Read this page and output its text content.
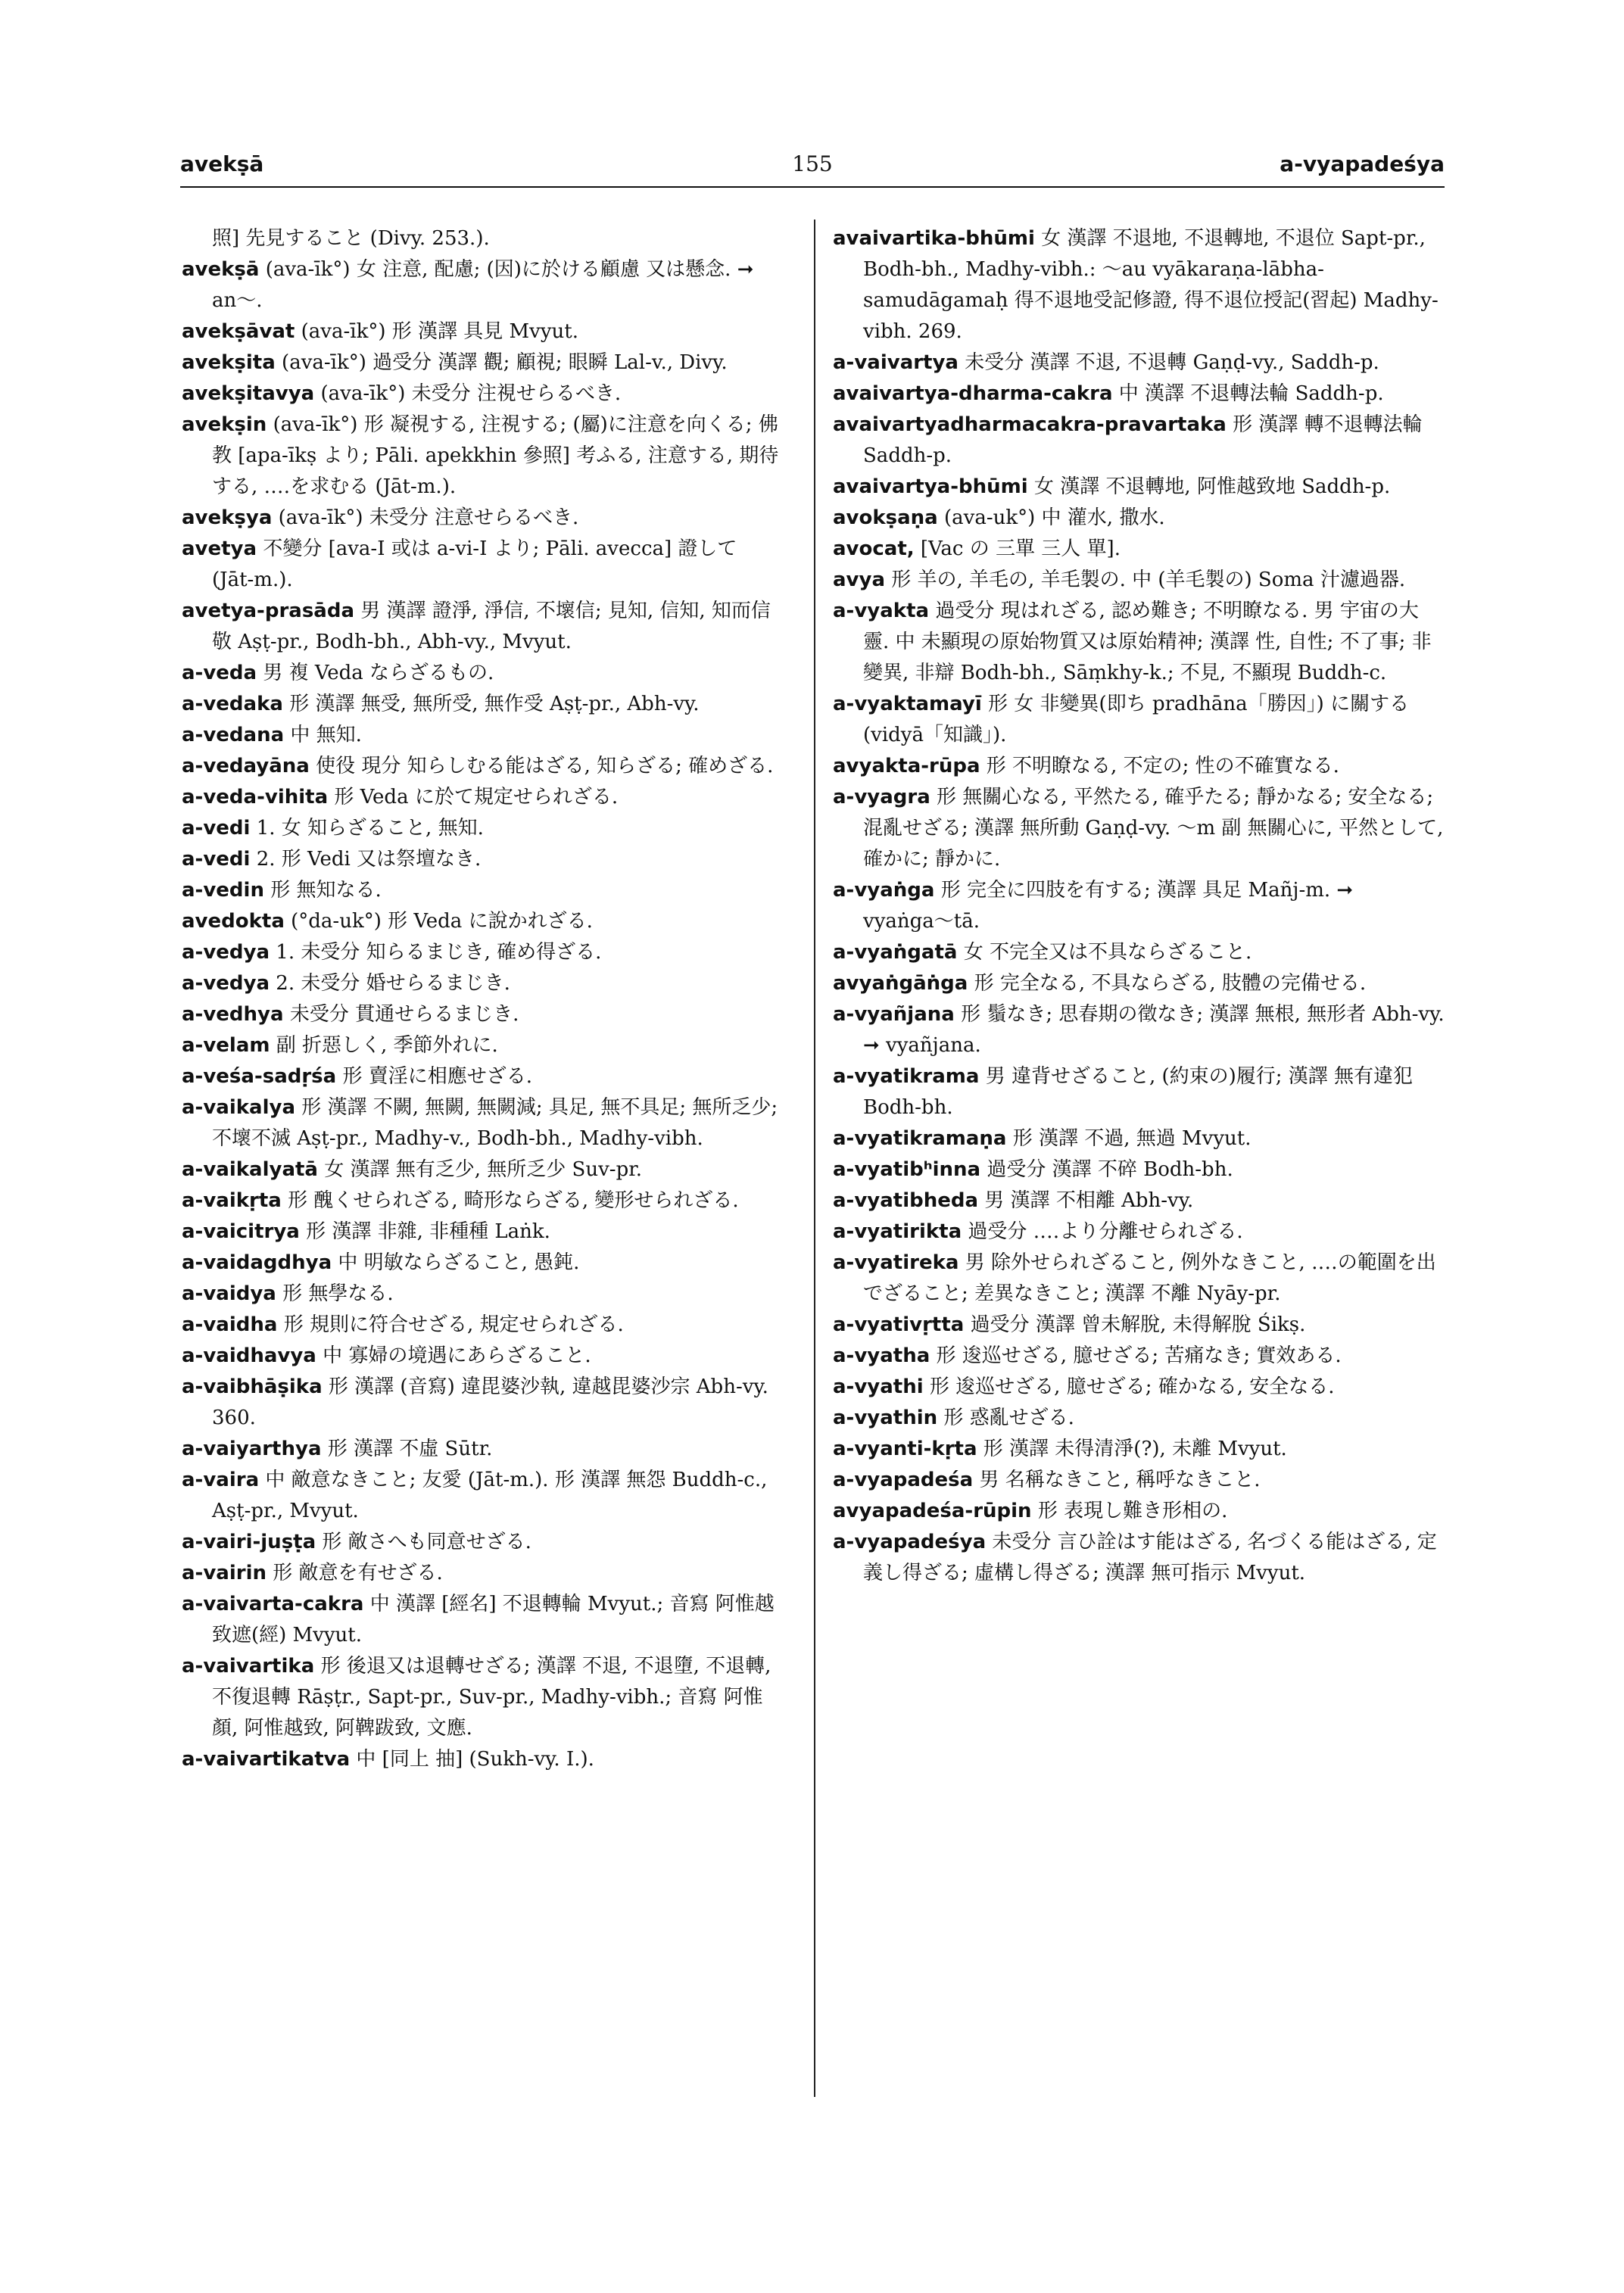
avekṣā	155	a-vyapadeśya

照] 先見すること (Divy. 253.).

avekṣā (ava-īk°) 女 注意, 配慮; (因)に於ける顧慮 又は懸念. ➞ an〜.

avekṣāvat (ava-īk°) 形 漢譯 具見 Mvyut.

avekṣita (ava-īk°) 過受分 漢譯 觀; 顧視; 眼瞬 Lal-v., Divy.

avekṣitavya (ava-īk°) 未受分 注視せらるべき.

avekṣin (ava-īk°) 形 凝視する, 注視する; (屬)に注意を向くる; 佛教 [apa-īkṣ より; Pāli. apekkhin 參照] 考ふる, 注意する, 期待する, ‥‥を求むる (Jāt-m.).

avekṣya (ava-īk°) 未受分 注意せらるべき.

avetya 不變分 [ava-I 或は a-vi-I より; Pāli. avecca] 證して (Jāt-m.).

avetya-prasāda 男 漢譯 證淨, 淨信, 不壞信; 見知, 信知, 知而信敬 Aṣṭ-pr., Bodh-bh., Abh-vy., Mvyut.

a-veda 男 複 Veda ならざるもの.

a-vedaka 形 漢譯 無受, 無所受, 無作受 Aṣṭ-pr., Abh-vy.

a-vedana 中 無知.

a-vedayāna 使役 現分 知らしむる能はざる, 知らざる; 確めざる.

a-veda-vihita 形 Veda に於て規定せられざる.

a-vedi 1. 女 知らざること, 無知.

a-vedi 2. 形 Vedi 又は祭壇なき.

a-vedin 形 無知なる.

avedokta (°da-uk°) 形 Veda に說かれざる.

a-vedya 1. 未受分 知らるまじき, 確め得ざる.

a-vedya 2. 未受分 婚せらるまじき.

a-vedhya 未受分 貫通せらるまじき.

a-velam 副 折惡しく, 季節外れに.

a-veśa-sadṛśa 形 賣淫に相應せざる.

a-vaikalya 形 漢譯 不闕, 無闕, 無闕減; 具足, 無不具足; 無所乏少; 不壞不滅 Aṣṭ-pr., Madhy-v., Bodh-bh., Madhy-vibh.

a-vaikalyatā 女 漢譯 無有乏少, 無所乏少 Suv-pr.

a-vaikṛta 形 醜くせられざる, 畸形ならざる, 變形せられざる.

a-vaicitrya 形 漢譯 非雜, 非種種 Laṅk.

a-vaidagdhya 中 明敏ならざること, 愚鈍.

a-vaidya 形 無學なる.

a-vaidha 形 規則に符合せざる, 規定せられざる.

a-vaidhavya 中 寡婦の境遇にあらざること.

a-vaibhāṣika 形 漢譯 (音寫) 違毘婆沙執, 違越毘婆沙宗 Abh-vy. 360.

a-vaiyarthya 形 漢譯 不虛 Sūtr.

a-vaira 中 敵意なきこと; 友愛 (Jāt-m.). 形 漢譯 無怨 Buddh-c., Aṣṭ-pr., Mvyut.

a-vairi-juṣṭa 形 敵さへも同意せざる.

a-vairin 形 敵意を有せざる.

a-vaivarta-cakra 中 漢譯 [經名] 不退轉輪 Mvyut.; 音寫 阿惟越致遮(經) Mvyut.

a-vaivartika 形 後退又は退轉せざる; 漢譯 不退, 不退墮, 不退轉, 不復退轉 Rāṣṭr., Sapt-pr., Suv-pr., Madhy-vibh.; 音寫 阿惟顏, 阿惟越致, 阿鞞跋致, 文應.

a-vaivartikatva 中 [同上 抽] (Sukh-vy. I.).

avaivartika-bhūmi 女 漢譯 不退地, 不退轉地, 不退位 Sapt-pr., Bodh-bh., Madhy-vibh.: 〜au vyākaraṇa-lābha-samudāgamaḥ 得不退地受記修證, 得不退位授記(習起) Madhy-vibh. 269.

a-vaivartya 未受分 漢譯 不退, 不退轉 Gaṇḍ-vy., Saddh-p.

avaivartya-dharma-cakra 中 漢譯 不退轉法輪 Saddh-p.

avaivartyadharmacakra-pravartaka 形 漢譯 轉不退轉法輪 Saddh-p.

avaivartya-bhūmi 女 漢譯 不退轉地, 阿惟越致地 Saddh-p.

avokṣaṇa (ava-uk°) 中 灌水, 撒水.

avocat, [Vac の 三單 三人 單].

avya 形 羊の, 羊毛の, 羊毛製の. 中 (羊毛製の) Soma 汁濾過器.

a-vyakta 過受分 現はれざる, 認め難き; 不明瞭なる. 男 宇宙の大靈. 中 未顯現の原始物質又は原始精神; 漢譯 性, 自性; 不了事; 非變異, 非辯 Bodh-bh., Sāṃkhy-k.; 不見, 不顯現 Buddh-c.

a-vyaktamayī 形 女 非變異(即ち pradhāna「勝因」) に關する (vidyā「知識」).

avyakta-rūpa 形 不明瞭なる, 不定の; 性の不確實なる.

a-vyagra 形 無關心なる, 平然たる, 確乎たる; 靜かなる; 安全なる; 混亂せざる; 漢譯 無所動 Gaṇḍ-vy. 〜m 副 無關心に, 平然として, 確かに; 靜かに.

a-vyaṅga 形 完全に四肢を有する; 漢譯 具足 Mañj-m. ➞ vyaṅga〜tā.

a-vyaṅgatā 女 不完全又は不具ならざること.

avyaṅgāṅga 形 完全なる, 不具ならざる, 肢體の完備せる.

a-vyañjana 形 鬚なき; 思春期の徵なき; 漢譯 無根, 無形者 Abh-vy. ➞ vyañjana.

a-vyatikrama 男 違背せざること, (約束の)履行; 漢譯 無有違犯 Bodh-bh.

a-vyatikramaṇa 形 漢譯 不過, 無過 Mvyut.

a-vyatibʰinna 過受分 漢譯 不碎 Bodh-bh.

a-vyatibheda 男 漢譯 不相離 Abh-vy.

a-vyatirikta 過受分 ‥‥より分離せられざる.

a-vyatireka 男 除外せられざること, 例外なきこと, ‥‥の範圍を出でざること; 差異なきこと; 漢譯 不離 Nyāy-pr.

a-vyativṛtta 過受分 漢譯 曾未解脫, 未得解脫 Śikṣ.

a-vyatha 形 逡巡せざる, 臆せざる; 苦痛なき; 實效ある.

a-vyathi 形 逡巡せざる, 臆せざる; 確かなる, 安全なる.

a-vyathin 形 惑亂せざる.

a-vyanti-kṛta 形 漢譯 未得清淨(?), 未離 Mvyut.

a-vyapadeśa 男 名稱なきこと, 稱呼なきこと.

avyapadeśa-rūpin 形 表現し難き形相の.

a-vyapadeśya 未受分 言ひ詮はす能はざる, 名づくる能はざる, 定義し得ざる; 虛構し得ざる; 漢譯 無可指示 Mvyut.
